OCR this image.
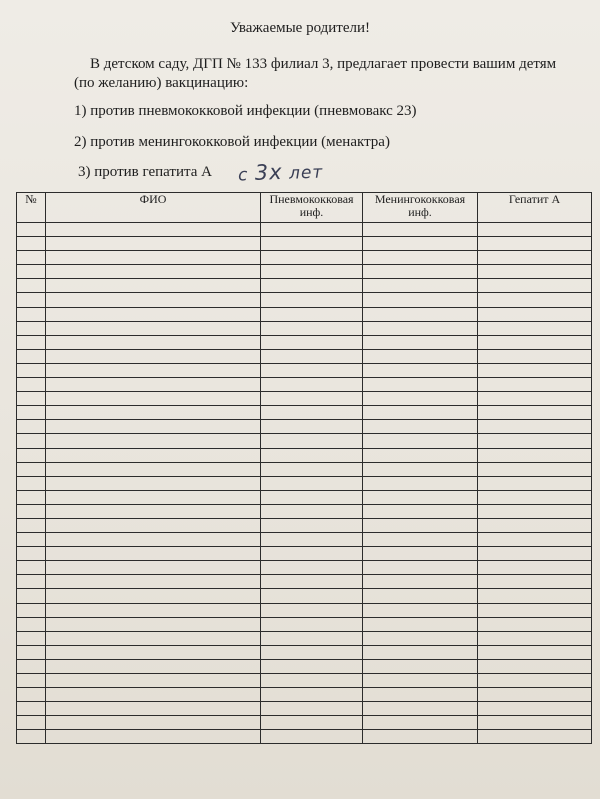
Уважаемые родители!
В детском саду, ДГП № 133 филиал 3, предлагает провести вашим детям
(по желанию) вакцинацию:
1) против пневмококковой инфекции (пневмовакс 23)
2) против менингококковой инфекции (менактра)
3) против гепатита А с 3х лет
№	ФИО	Пневмококковая инф.	Менингококковая инф.	Гепатит А
